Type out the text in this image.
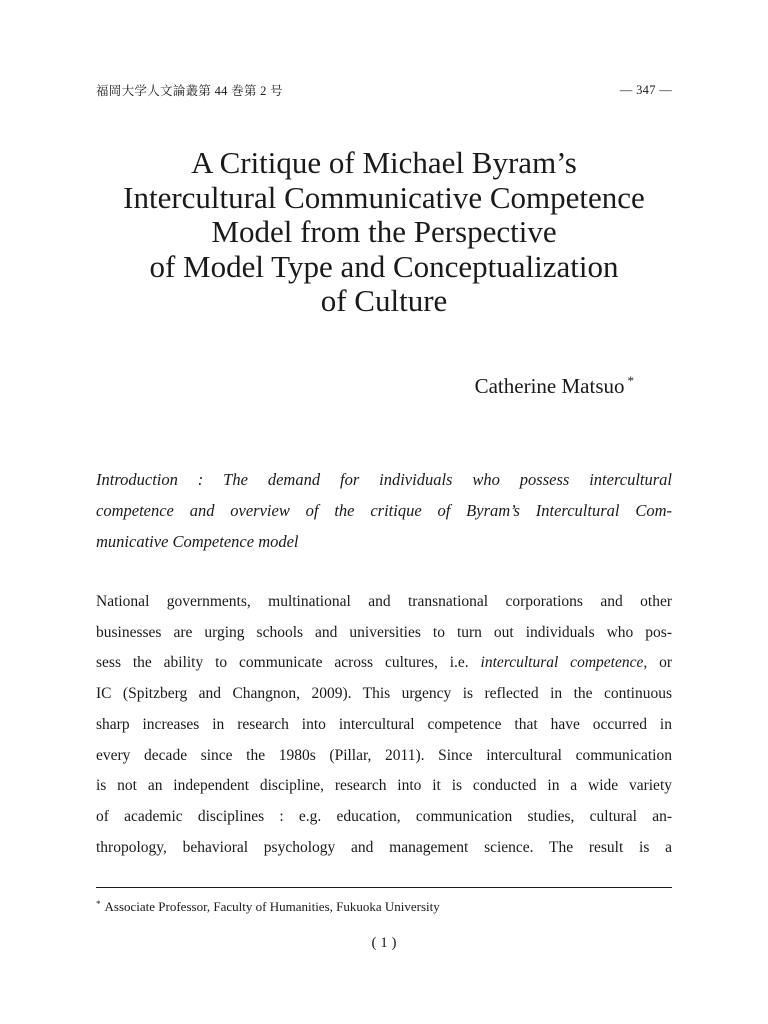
福岡大学人文論叢第 44 巻第 2 号	— 347 —
A Critique of Michael Byram’s
Intercultural Communicative Competence
Model from the Perspective
of Model Type and Conceptualization
of Culture
Catherine Matsuo *
Introduction : The demand for individuals who possess intercultural
competence and overview of the critique of Byram’s Intercultural Com-
municative Competence model
National governments, multinational and transnational corporations and other
businesses are urging schools and universities to turn out individuals who pos-
sess the ability to communicate across cultures, i.e. intercultural competence, or
IC (Spitzberg and Changnon, 2009). This urgency is reflected in the continuous
sharp increases in research into intercultural competence that have occurred in
every decade since the 1980s (Pillar, 2011). Since intercultural communication
is not an independent discipline, research into it is conducted in a wide variety
of academic disciplines : e.g. education, communication studies, cultural an-
thropology, behavioral psychology and management science. The result is a
* Associate Professor, Faculty of Humanities, Fukuoka University
( 1 )
